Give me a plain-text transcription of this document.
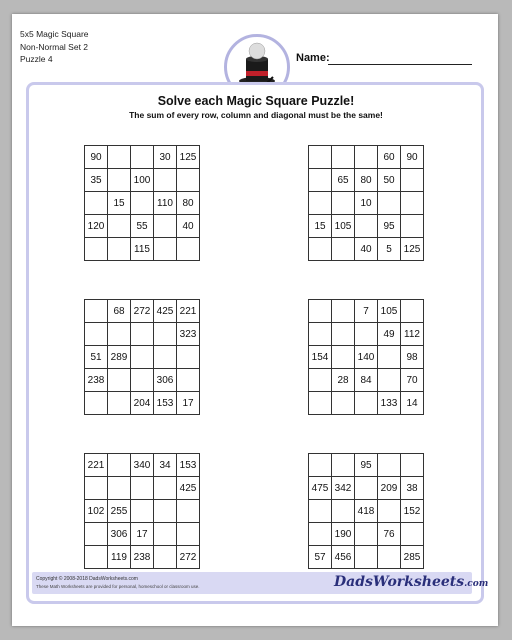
5x5 Magic Square
Non-Normal Set 2
Puzzle 4	Name:
Solve each Magic Square Puzzle!
The sum of every row, column and diagonal must be the same!
90			30	125
35		100		
	15		110	80
120		55		40
		115		
			60	90
	65	80	50	
		10		
15	105		95	
		40	5	125
	68	272	425	221
				323
51	289			
238			306	
		204	153	17
		7	105	
			49	112
154		140		98
	28	84		70
			133	14
221		340	34	153
				425
102	255			
	306	17		
	119	238		272
		95		
475	342		209	38
		418		152
	190		76	
57	456			285
Copyright © 2008-2018 DadsWorksheets.com
These Math Worksheets are provided for personal, homeschool or classroom use.	DadsWorksheets.com
